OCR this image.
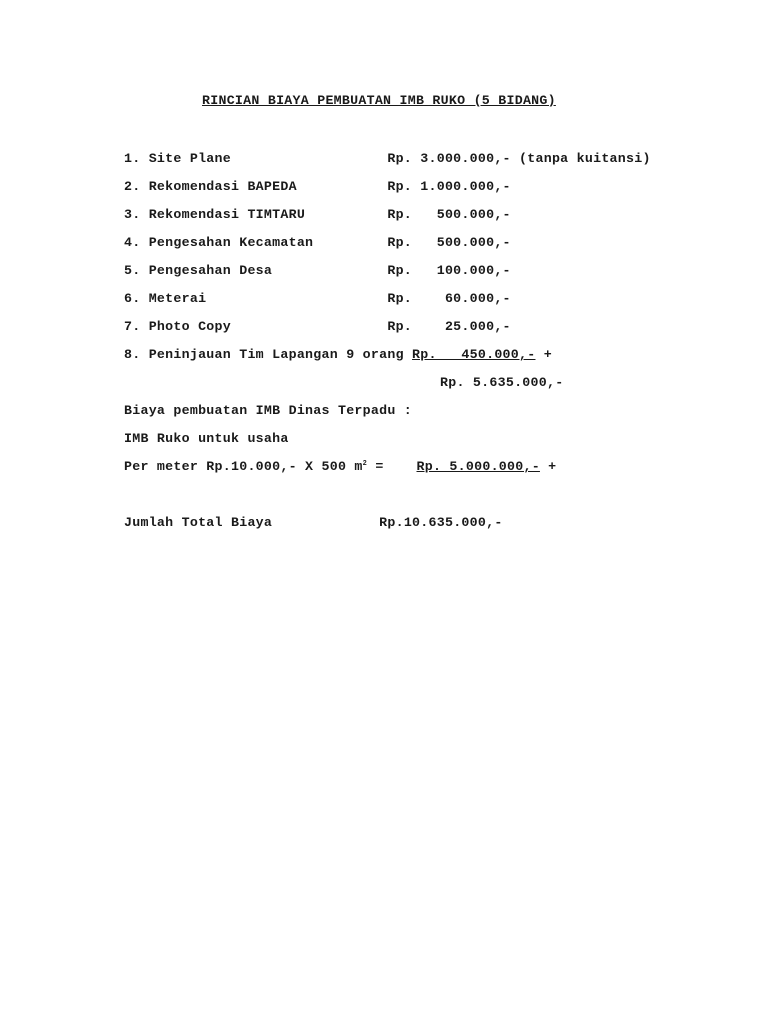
RINCIAN BIAYA PEMBUATAN IMB RUKO (5 BIDANG)
1. Site Plane                   Rp. 3.000.000,- (tanpa kuitansi)
2. Rekomendasi BAPEDA           Rp. 1.000.000,-
3. Rekomendasi TIMTARU          Rp.   500.000,-
4. Pengesahan Kecamatan         Rp.   500.000,-
5. Pengesahan Desa              Rp.   100.000,-
6. Meterai                      Rp.    60.000,-
7. Photo Copy                   Rp.    25.000,-
8. Peninjauan Tim Lapangan 9 orang Rp.   450.000,- +
Rp. 5.635.000,-
Biaya pembuatan IMB Dinas Terpadu :
IMB Ruko untuk usaha
Per meter Rp.10.000,- X 500 $m^2$ =    Rp. 5.000.000,- +
Jumlah Total Biaya             Rp.10.635.000,-
